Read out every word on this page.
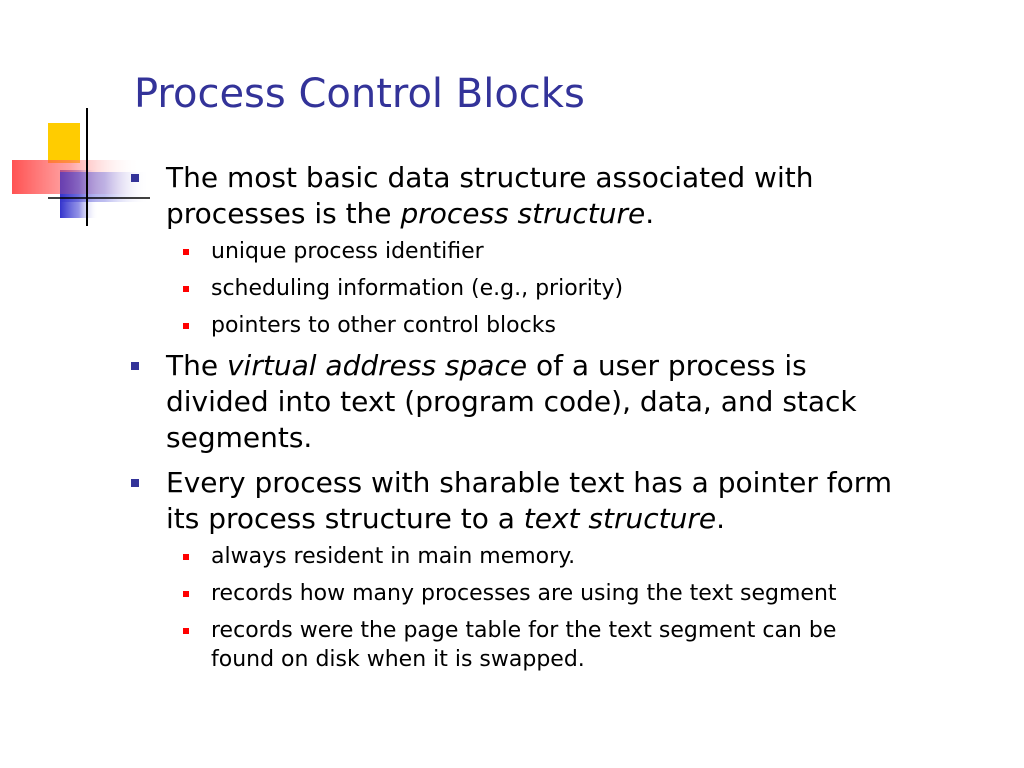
Process Control Blocks
The most basic data structure associated with processes is the process structure.
unique process identifier
scheduling information (e.g., priority)
pointers to other control blocks
The virtual address space of a user process is divided into text (program code), data, and stack segments.
Every process with sharable text has a pointer form its process structure to a text structure.
always resident in main memory.
records how many processes are using the text segment
records were the page table for the text segment can be found on disk when it is swapped.
